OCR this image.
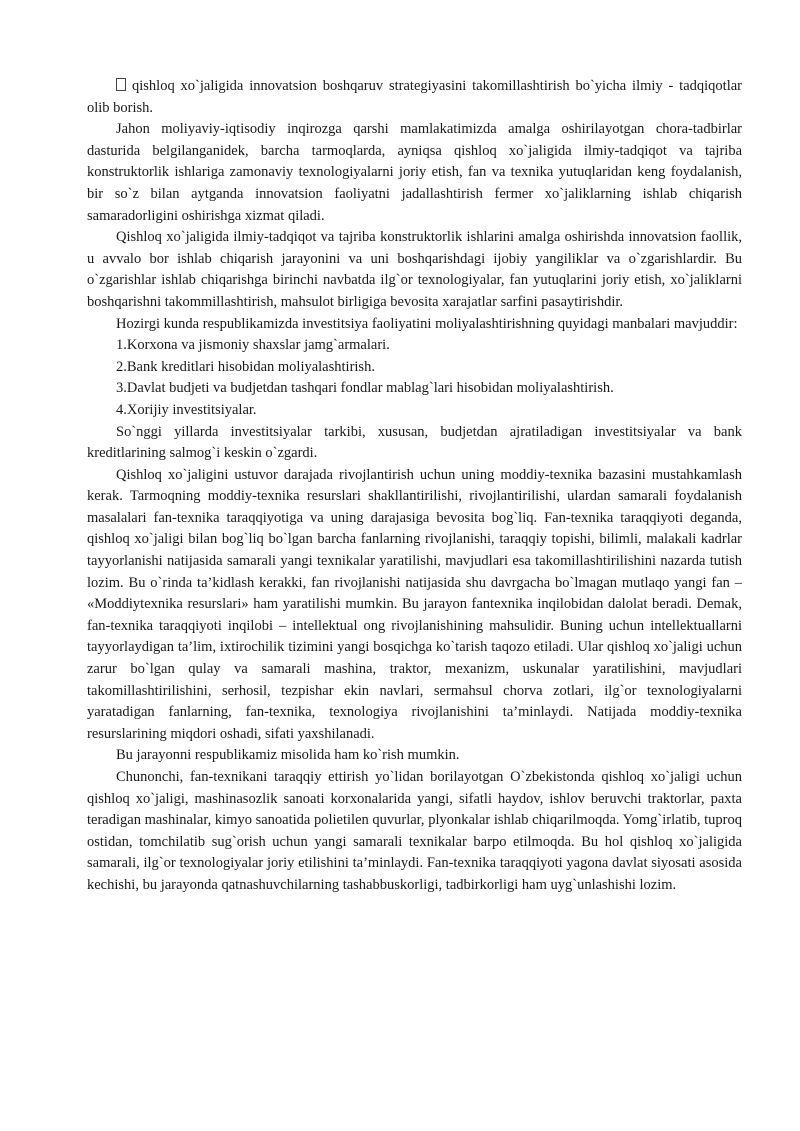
qishloq xo`jaligida innovatsion boshqaruv strategiyasini takomillashtirish bo`yicha ilmiy - tadqiqotlar olib borish.

Jahon moliyaviy-iqtisodiy inqirozga qarshi mamlakatimizda amalga oshirilayotgan chora-tadbirlar dasturida belgilanganidek, barcha tarmoqlarda, ayniqsa qishloq xo`jaligida ilmiy-tadqiqot va tajriba konstruktorlik ishlariga zamonaviy texnologiyalarni joriy etish, fan va texnika yutuqlaridan keng foydalanish, bir so`z bilan aytganda innovatsion faoliyatni jadallashtirish fermer xo`jaliklarning ishlab chiqarish samaradorligini oshirishga xizmat qiladi.

Qishloq xo`jaligida ilmiy-tadqiqot va tajriba konstruktorlik ishlarini amalga oshirishda innovatsion faollik, u avvalo bor ishlab chiqarish jarayonini va uni boshqarishdagi ijobiy yangiliklar va o`zgarishlardir. Bu o`zgarishlar ishlab chiqarishga birinchi navbatda ilg`or texnologiyalar, fan yutuqlarini joriy etish, xo`jaliklarni boshqarishni takommillashtirish, mahsulot birligiga bevosita xarajatlar sarfini pasaytirishdir.

Hozirgi kunda respublikamizda investitsiya faoliyatini moliyalashtirishning quyidagi manbalari mavjuddir:

1.Korxona va jismoniy shaxslar jamg`armalari.

2.Bank kreditlari hisobidan moliyalashtirish.

3.Davlat budjeti va budjetdan tashqari fondlar mablag`lari hisobidan moliyalashtirish.

4.Xorijiy investitsiyalar.

So`nggi yillarda investitsiyalar tarkibi, xususan, budjetdan ajratiladigan investitsiyalar va bank kreditlarining salmog`i keskin o`zgardi.

Qishloq xo`jaligini ustuvor darajada rivojlantirish uchun uning moddiy-texnika bazasini mustahkamlash kerak. Tarmoqning moddiy-texnika resurslari shakllantirilishi, rivojlantirilishi, ulardan samarali foydalanish masalalari fan-texnika taraqqiyotiga va uning darajasiga bevosita bog`liq. Fan-texnika taraqqiyoti deganda, qishloq xo`jaligi bilan bog`liq bo`lgan barcha fanlarning rivojlanishi, taraqqiy topishi, bilimli, malakali kadrlar tayyorlanishi natijasida samarali yangi texnikalar yaratilishi, mavjudlari esa takomillashtirilishini nazarda tutish lozim. Bu o`rinda ta’kidlash kerakki, fan rivojlanishi natijasida shu davrgacha bo`lmagan mutlaqo yangi fan – «Moddiytexnika resurslari» ham yaratilishi mumkin. Bu jarayon fantexnika inqilobidan dalolat beradi. Demak, fan-texnika taraqqiyoti inqilobi – intellektual ong rivojlanishining mahsulidir. Buning uchun intellektuallarni tayyorlaydigan ta’lim, ixtirochilik tizimini yangi bosqichga ko`tarish taqozo etiladi. Ular qishloq xo`jaligi uchun zarur bo`lgan qulay va samarali mashina, traktor, mexanizm, uskunalar yaratilishini, mavjudlari takomillashtirilishini, serhosil, tezpishar ekin navlari, sermahsul chorva zotlari, ilg`or texnologiyalarni yaratadigan fanlarning, fan-texnika, texnologiya rivojlanishini ta’minlaydi. Natijada moddiy-texnika resurslarining miqdori oshadi, sifati yaxshilanadi.

Bu jarayonni respublikamiz misolida ham ko`rish mumkin.

Chunonchi, fan-texnikani taraqqiy ettirish yo`lidan borilayotgan O`zbekistonda qishloq xo`jaligi uchun qishloq xo`jaligi, mashinasozlik sanoati korxonalarida yangi, sifatli haydov, ishlov beruvchi traktorlar, paxta teradigan mashinalar, kimyo sanoatida polietilen quvurlar, plyonkalar ishlab chiqarilmoqda. Yomg`irlatib, tuproq ostidan, tomchilatib sug`orish uchun yangi samarali texnikalar barpo etilmoqda. Bu hol qishloq xo`jaligida samarali, ilg`or texnologiyalar joriy etilishini ta’minlaydi. Fan-texnika taraqqiyoti yagona davlat siyosati asosida kechishi, bu jarayonda qatnashuvchilarning tashabbuskorligi, tadbirkorligi ham uyg`unlashishi lozim.
